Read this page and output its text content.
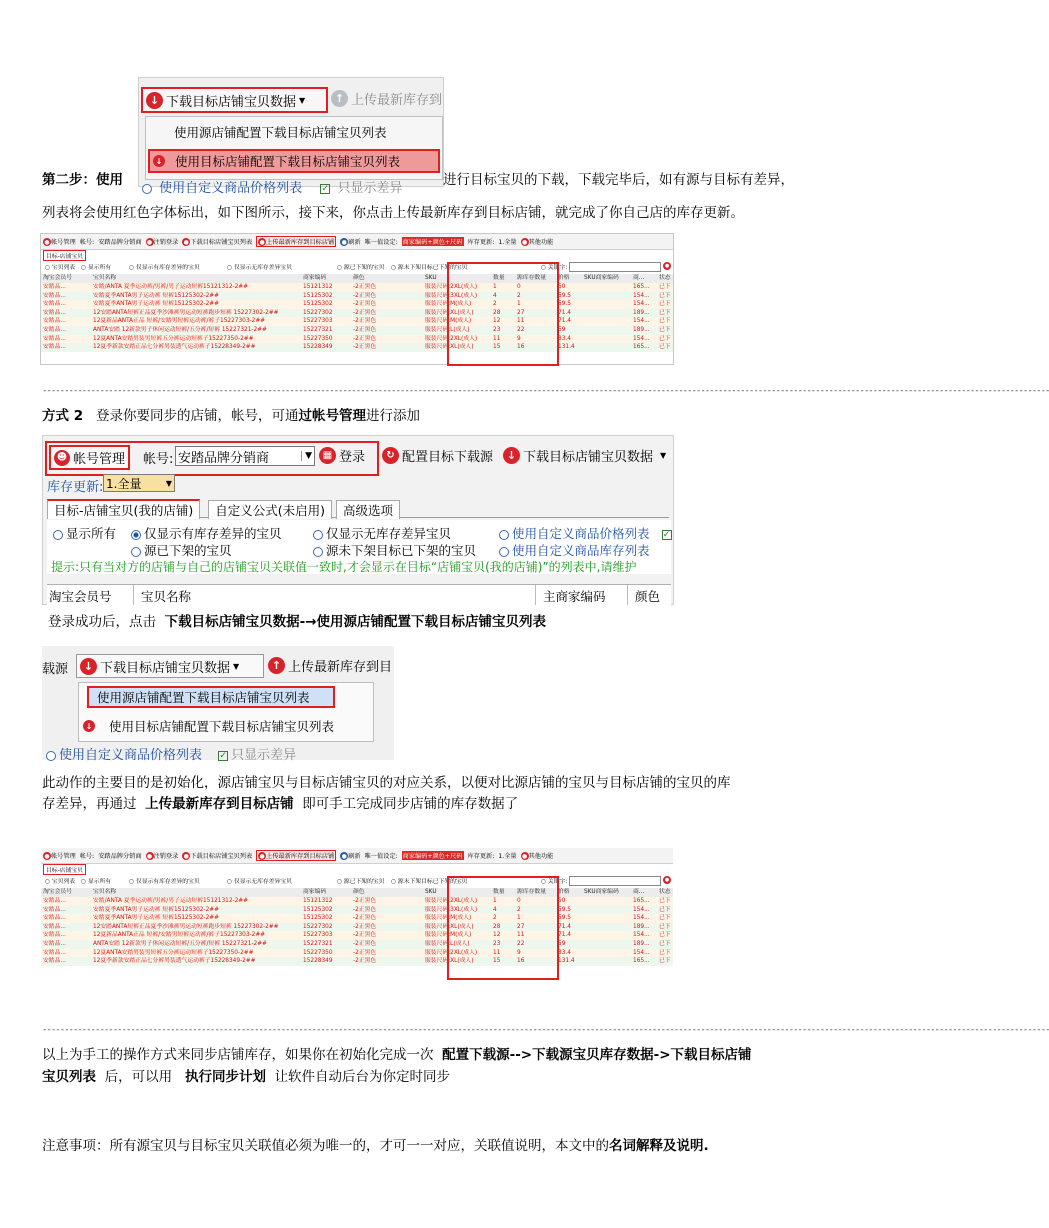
↓ 下载目标店铺宝贝数据 ▼	↑ 上传最新库存到
使用源店铺配置下载目标店铺宝贝列表
↓ 使用目标店铺配置下载目标店铺宝贝列表
使用自定义商品价格列表 ✓ 只显示差异
第二步：使用	进行目标宝贝的下载，下载完毕后，如有源与目标有差异，
列表将会使用红色字体标出，如下图所示，接下来，你点击上传最新库存到目标店铺，就完成了你自己店的库存更新。
●帐号管理 帐号: 安踏品牌分销商 ●注销登录 ●下载目标店铺宝贝列表	●上传最新库存到目标店铺	●刷新 唯一值设定: 商家编码+颜色+尺码 库存更新: 1.全量 ●其他功能
目标-店铺宝贝
○ 宝贝列表 ○ 显示所有	○ 仅显示有库存差异的宝贝	○ 仅显示无库存差异宝贝	○ 源已下架的宝贝 ○ 源未下架目标已下架的宝贝	○ 关键字:	●
淘宝会员号	宝贝名称	商家编码	颜色	SKU	数量	源库存数量	价格	SKU商家编码	商...	状态
安踏品...	安踏/ANTA 夏季运动裤/男裤/男子运动短裤15121312-2##	15121312	-2正黑色	服装尺码:2XL(成人)	1	0	50	165...	已下
安踏品...	安踏夏季ANTA男子运动裤 短裤15125302-2##	15125302	-2正黑色	服装尺码:3XL(成人)	4	2	59.5	154...	已下
安踏品...	安踏夏季ANTA男子运动裤 短裤15125302-2##	15125302	-2正黑色	服装尺码:M(成人)	2	1	59.5	154...	已下
安踏品...	12安踏ANTA短裤正品夏季沙滩裤男运动短裤跑步短裤 15227302-2##	15227302	-2正黑色	服装尺码:XL(成人)	28	27	71.4	189...	已下
安踏品...	12夏新品ANTA正品 短裤/安踏男短裤运动裤/裤子15227303-2##	15227303	-2正黑色	服装尺码:M(成人)	12	11	71.4	154...	已下
安踏品...	ANTA安踏 12新款男子休闲运动短裤/五分裤/短裤 15227321-2##	15227321	-2正黑色	服装尺码:L(成人)	23	22	59	189...	已下
安踏品...	12夏ANTA安踏男装男短裤五分裤运动短裤子15227350-2##	15227350	-2正黑色	服装尺码:2XL(成人)	11	9	83.4	154...	已下
安踏品...	12夏季新款安踏正品七分裤男装透气运动裤子15228349-2##	15228349	-2正黑色	服装尺码:XL(成人)	15	16	131.4	165...	已下
------------------------------------------------------------------------------------------------------------------------------------------------------------------------------------------------------------------------------------
方式 2 登录你要同步的店铺，帐号，可通过帐号管理进行添加
☻ 帐号管理 帐号: 安踏品牌分销商	▼	▦ 登录	↻ 配置目标下载源	↓ 下载目标店铺宝贝数据 ▼
库存更新: 1.全量	▼
目标-店铺宝贝(我的店铺) 自定义公式(未启用) 高级选项
显示所有	仅显示有库存差异的宝贝	仅显示无库存差异宝贝
源已下架的宝贝	源未下架目标已下架的宝贝
使用自定义商品价格列表 ✓
使用自定义商品库存列表
提示:只有当对方的店铺与自己的店铺宝贝关联值一致时,才会显示在目标“店铺宝贝(我的店铺)”的列表中,请维护
淘宝会员号 宝贝名称	主商家编码 颜色
登录成功后，点击 下载目标店铺宝贝数据-→使用源店铺配置下载目标店铺宝贝列表
载源	↓ 下载目标店铺宝贝数据 ▼	↑ 上传最新库存到目
使用源店铺配置下载目标店铺宝贝列表
↓ 使用目标店铺配置下载目标店铺宝贝列表
使用自定义商品价格列表 ✓ 只显示差异
此动作的主要目的是初始化，源店铺宝贝与目标店铺宝贝的对应关系，以便对比源店铺的宝贝与目标店铺的宝贝的库
存差异，再通过 上传最新库存到目标店铺 即可手工完成同步店铺的库存数据了
●帐号管理 帐号: 安踏品牌分销商 ●注销登录 ●下载目标店铺宝贝列表	●上传最新库存到目标店铺	●刷新 唯一值设定: 商家编码+颜色+尺码 库存更新: 1.全量 ●其他功能
目标-店铺宝贝
○ 宝贝列表 ○ 显示所有	○ 仅显示有库存差异的宝贝	○ 仅显示无库存差异宝贝	○ 源已下架的宝贝 ○ 源未下架目标已下架的宝贝	○ 关键字:	●
淘宝会员号	宝贝名称	商家编码	颜色	SKU	数量	源库存数量	价格	SKU商家编码	商...	状态
安踏品...	安踏/ANTA 夏季运动裤/男裤/男子运动短裤15121312-2##	15121312	-2正黑色	服装尺码:2XL(成人)	1	0	50	165...	已下
安踏品...	安踏夏季ANTA男子运动裤 短裤15125302-2##	15125302	-2正黑色	服装尺码:3XL(成人)	4	2	59.5	154...	已下
安踏品...	安踏夏季ANTA男子运动裤 短裤15125302-2##	15125302	-2正黑色	服装尺码:M(成人)	2	1	59.5	154...	已下
安踏品...	12安踏ANTA短裤正品夏季沙滩裤男运动短裤跑步短裤 15227302-2##	15227302	-2正黑色	服装尺码:XL(成人)	28	27	71.4	189...	已下
安踏品...	12夏新品ANTA正品 短裤/安踏男短裤运动裤/裤子15227303-2##	15227303	-2正黑色	服装尺码:M(成人)	12	11	71.4	154...	已下
安踏品...	ANTA安踏 12新款男子休闲运动短裤/五分裤/短裤 15227321-2##	15227321	-2正黑色	服装尺码:L(成人)	23	22	59	189...	已下
安踏品...	12夏ANTA安踏男装男短裤五分裤运动短裤子15227350-2##	15227350	-2正黑色	服装尺码:2XL(成人)	11	9	83.4	154...	已下
安踏品...	12夏季新款安踏正品七分裤男装透气运动裤子15228349-2##	15228349	-2正黑色	服装尺码:XL(成人)	15	16	131.4	165...	已下
------------------------------------------------------------------------------------------------------------------------------------------------------------------------------------------------------------------------------------
以上为手工的操作方式来同步店铺库存，如果你在初始化完成一次 配置下载源-->下载源宝贝库存数据->下载目标店铺
宝贝列表 后，可以用 执行同步计划 让软件自动后台为你定时同步
注意事项：所有源宝贝与目标宝贝关联值必须为唯一的，才可一一对应，关联值说明，本文中的名词解释及说明.
